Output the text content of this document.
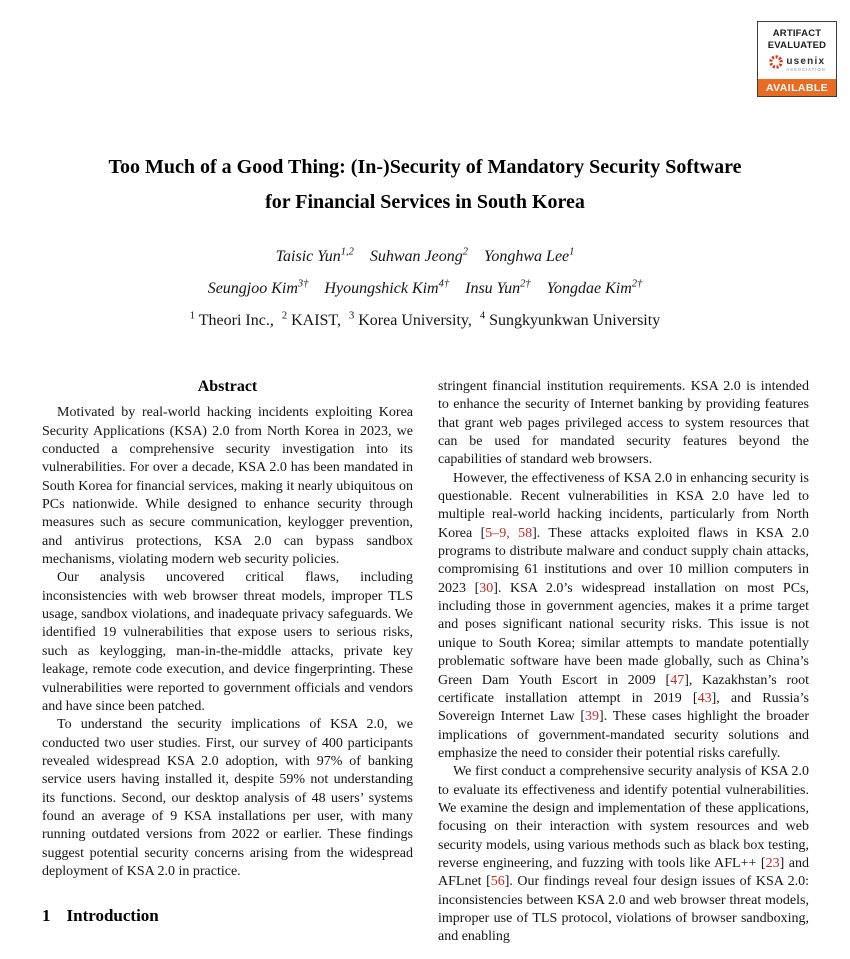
ARTIFACT
EVALUATED
usenix
ASSOCIATION
AVAILABLE
Too Much of a Good Thing: (In-)Security of Mandatory Security Software
for Financial Services in South Korea
Taisic Yun$^{1,2}$ Suhwan Jeong$^2$ Yonghwa Lee$^1$
Seungjoo Kim$^{3\dagger}$ Hyoungshick Kim$^{4\dagger}$ Insu Yun$^{2\dagger}$ Yongdae Kim$^{2\dagger}$
$^1$ Theori Inc., $^2$ KAIST, $^3$ Korea University, $^4$ Sungkyunkwan University
Abstract

Motivated by real-world hacking incidents exploiting Korea Security Applications (KSA) 2.0 from North Korea in 2023, we conducted a comprehensive security investigation into its vulnerabilities. For over a decade, KSA 2.0 has been mandated in South Korea for financial services, making it nearly ubiquitous on PCs nationwide. While designed to enhance security through measures such as secure communication, keylogger prevention, and antivirus protections, KSA 2.0 can bypass sandbox mechanisms, violating modern web security policies.

Our analysis uncovered critical flaws, including inconsistencies with web browser threat models, improper TLS usage, sandbox violations, and inadequate privacy safeguards. We identified 19 vulnerabilities that expose users to serious risks, such as keylogging, man-in-the-middle attacks, private key leakage, remote code execution, and device fingerprinting. These vulnerabilities were reported to government officials and vendors and have since been patched.

To understand the security implications of KSA 2.0, we conducted two user studies. First, our survey of 400 participants revealed widespread KSA 2.0 adoption, with 97% of banking service users having installed it, despite 59% not understanding its functions. Second, our desktop analysis of 48 users’ systems found an average of 9 KSA installations per user, with many running outdated versions from 2022 or earlier. These findings suggest potential security concerns arising from the widespread deployment of KSA 2.0 in practice.

1 Introduction

stringent financial institution requirements. KSA 2.0 is intended to enhance the security of Internet banking by providing features that grant web pages privileged access to system resources that can be used for mandated security features beyond the capabilities of standard web browsers.

However, the effectiveness of KSA 2.0 in enhancing security is questionable. Recent vulnerabilities in KSA 2.0 have led to multiple real-world hacking incidents, particularly from North Korea [5–9, 58]. These attacks exploited flaws in KSA 2.0 programs to distribute malware and conduct supply chain attacks, compromising 61 institutions and over 10 million computers in 2023 [30]. KSA 2.0’s widespread installation on most PCs, including those in government agencies, makes it a prime target and poses significant national security risks. This issue is not unique to South Korea; similar attempts to mandate potentially problematic software have been made globally, such as China’s Green Dam Youth Escort in 2009 [47], Kazakhstan’s root certificate installation attempt in 2019 [43], and Russia’s Sovereign Internet Law [39]. These cases highlight the broader implications of government-mandated security solutions and emphasize the need to consider their potential risks carefully.

We first conduct a comprehensive security analysis of KSA 2.0 to evaluate its effectiveness and identify potential vulnerabilities. We examine the design and implementation of these applications, focusing on their interaction with system resources and web security models, using various methods such as black box testing, reverse engineering, and fuzzing with tools like AFL++ [23] and AFLnet [56]. Our findings reveal four design issues of KSA 2.0: inconsistencies between KSA 2.0 and web browser threat models, improper use of TLS protocol, violations of browser sandboxing, and enabling
